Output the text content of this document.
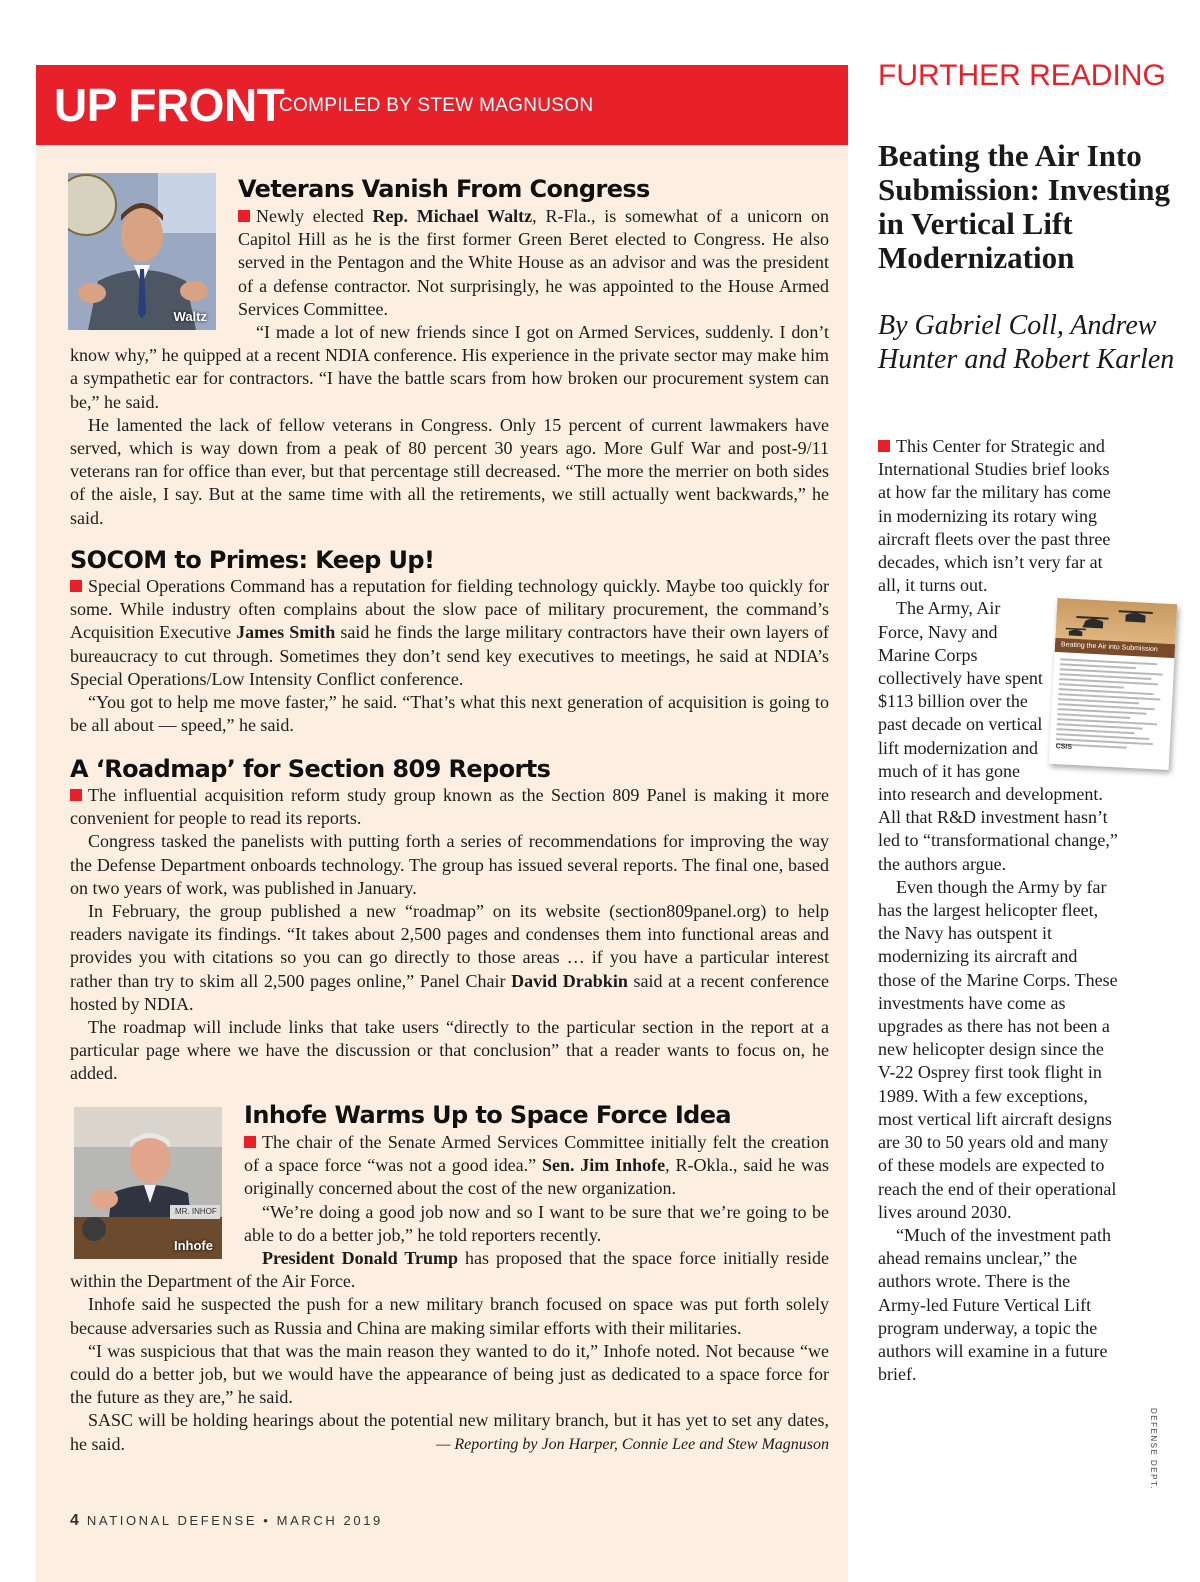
UP FRONT
COMPILED BY STEW MAGNUSON
Waltz
Veterans Vanish From Congress

Newly elected Rep. Michael Waltz, R-Fla., is somewhat of a unicorn on Capitol Hill as he is the first former Green Beret elected to Congress. He also served in the Pentagon and the White House as an advisor and was the president of a defense contractor. Not surprisingly, he was appointed to the House Armed Services Committee.

“I made a lot of new friends since I got on Armed Services, suddenly. I don’t know why,” he quipped at a recent NDIA conference. His experience in the private sector may make him a sympathetic ear for contractors. “I have the battle scars from how broken our procurement system can be,” he said.

He lamented the lack of fellow veterans in Congress. Only 15 percent of current lawmakers have served, which is way down from a peak of 80 percent 30 years ago. More Gulf War and post-9/11 veterans ran for office than ever, but that percentage still decreased. “The more the merrier on both sides of the aisle, I say. But at the same time with all the retirements, we still actually went backwards,” he said.

SOCOM to Primes: Keep Up!

Special Operations Command has a reputation for fielding technology quickly. Maybe too quickly for some. While industry often complains about the slow pace of military procurement, the command’s Acquisition Executive James Smith said he finds the large military contractors have their own layers of bureaucracy to cut through. Sometimes they don’t send key executives to meetings, he said at NDIA’s Special Operations/Low Intensity Conflict conference.

“You got to help me move faster,” he said. “That’s what this next generation of acquisition is going to be all about — speed,” he said.

A ‘Roadmap’ for Section 809 Reports

The influential acquisition reform study group known as the Section 809 Panel is making it more convenient for people to read its reports.

Congress tasked the panelists with putting forth a series of recommendations for improving the way the Defense Department onboards technology. The group has issued several reports. The final one, based on two years of work, was published in January.

In February, the group published a new “roadmap” on its website (section809panel.org) to help readers navigate its findings. “It takes about 2,500 pages and condenses them into functional areas and provides you with citations so you can go directly to those areas … if you have a particular interest rather than try to skim all 2,500 pages online,” Panel Chair David Drabkin said at a recent conference hosted by NDIA.

The roadmap will include links that take users “directly to the particular section in the report at a particular page where we have the discussion or that conclusion” that a reader wants to focus on, he added.

MR. INHOF
Inhofe
Inhofe Warms Up to Space Force Idea

The chair of the Senate Armed Services Committee initially felt the creation of a space force “was not a good idea.” Sen. Jim Inhofe, R-Okla., said he was originally concerned about the cost of the new organization.

“We’re doing a good job now and so I want to be sure that we’re going to be able to do a better job,” he told reporters recently.

President Donald Trump has proposed that the space force initially reside within the Department of the Air Force.

Inhofe said he suspected the push for a new military branch focused on space was put forth solely because adversaries such as Russia and China are making similar efforts with their militaries.

“I was suspicious that that was the main reason they wanted to do it,” Inhofe noted. Not because “we could do a better job, but we would have the appearance of being just as dedicated to a space force for the future as they are,” he said.

SASC will be holding hearings about the potential new military branch, but it has yet to set any dates, he said.	— Reporting by Jon Harper, Connie Lee and Stew Magnuson

4 NATIONAL DEFENSE • MARCH 2019
FURTHER READING
Beating the Air Into Submission: Investing in Vertical Lift Modernization
By Gabriel Coll, Andrew Hunter and Robert Karlen

This Center for Strategic and International Studies brief looks at how far the military has come in modernizing its rotary wing aircraft fleets over the past three decades, which isn’t very far at all, it turns out.

Beating the Air into Submission
CSIS

The Army, Air Force, Navy and Marine Corps collectively have spent $113 billion over the past decade on vertical lift modernization and much of it has gone into research and development. All that R&D investment hasn’t led to “transformational change,” the authors argue.

Even though the Army by far has the largest helicopter fleet, the Navy has outspent it modernizing its aircraft and those of the Marine Corps. These investments have come as upgrades as there has not been a new helicopter design since the V-22 Osprey first took flight in 1989. With a few exceptions, most vertical lift aircraft designs are 30 to 50 years old and many of these models are expected to reach the end of their operational lives around 2030.

“Much of the investment path ahead remains unclear,” the authors wrote. There is the Army-led Future Vertical Lift program underway, a topic the authors will examine in a future brief.

DEFENSE DEPT.
